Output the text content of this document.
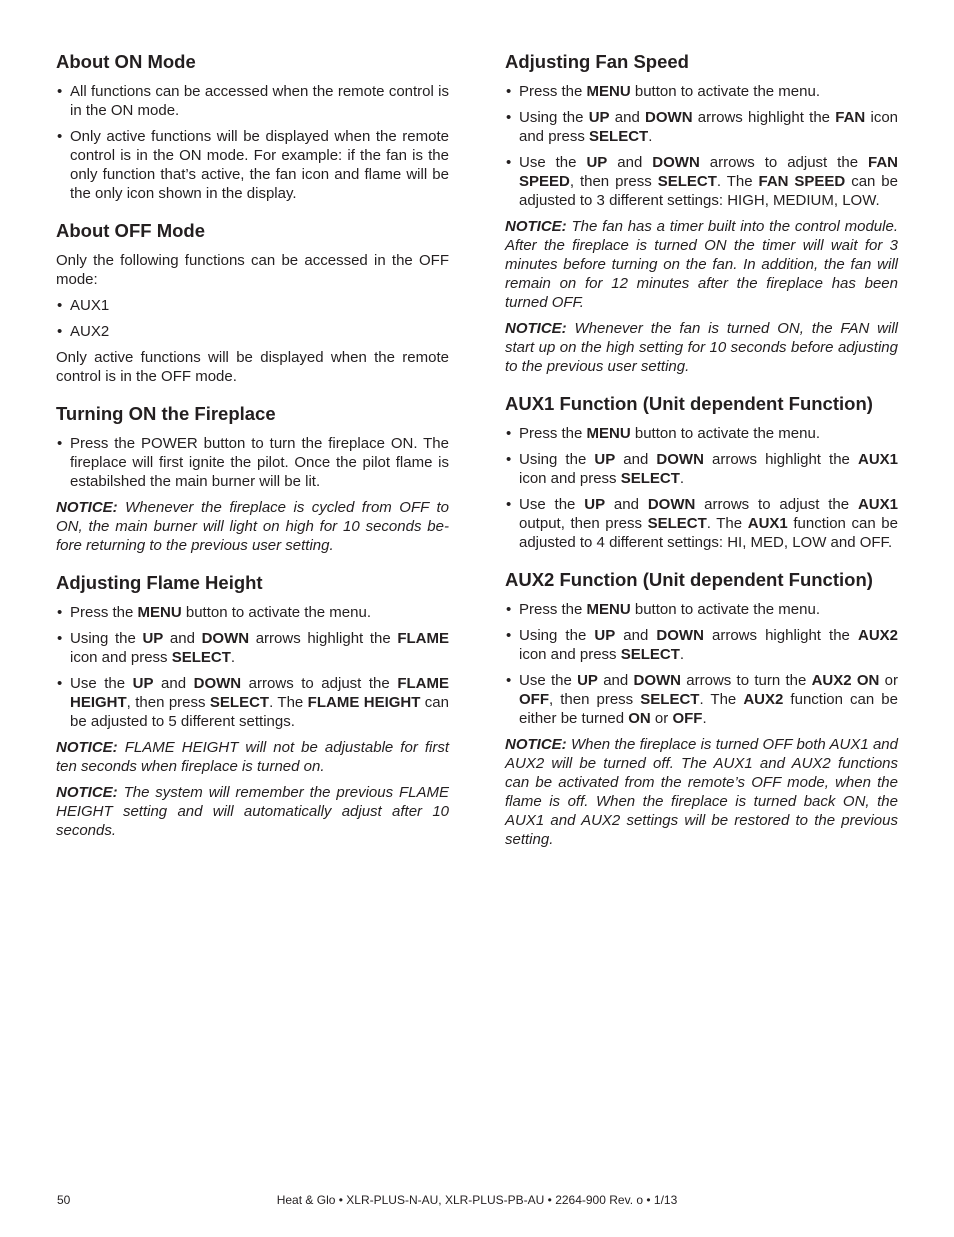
About ON Mode
• All functions can be accessed when the remote control is in the ON mode.
• Only active functions will be displayed when the remote control is in the ON mode. For example: if the fan is the only function that’s active, the fan icon and flame will be the only icon shown in the display.
About OFF Mode

Only the following functions can be accessed in the OFF mode:

• AUX1
• AUX2

Only active functions will be displayed when the remote control is in the OFF mode.

Turning ON the Fireplace
• Press the POWER button to turn the fireplace ON. The fireplace will first ignite the pilot. Once the pilot flame is estabilshed the main burner will be lit.

NOTICE: Whenever the fireplace is cycled from OFF to ON, the main burner will light on high for 10 seconds be-fore returning to the previous user setting.

Adjusting Flame Height
• Press the MENU button to activate the menu.
• Using the UP and DOWN arrows highlight the FLAME icon and press SELECT.
• Use the UP and DOWN arrows to adjust the FLAME HEIGHT, then press SELECT. The FLAME HEIGHT can be adjusted to 5 different settings.

NOTICE: FLAME HEIGHT will not be adjustable for first ten seconds when fireplace is turned on.

NOTICE: The system will remember the previous FLAME HEIGHT setting and will automatically adjust after 10 seconds.

Adjusting Fan Speed
• Press the MENU button to activate the menu.
• Using the UP and DOWN arrows highlight the FAN icon and press SELECT.
• Use the UP and DOWN arrows to adjust the FAN SPEED, then press SELECT. The FAN SPEED can be adjusted to 3 different settings: HIGH, MEDIUM, LOW.

NOTICE: The fan has a timer built into the control module. After the fireplace is turned ON the timer will wait for 3 minutes before turning on the fan. In addition, the fan will remain on for 12 minutes after the fireplace has been turned OFF.

NOTICE: Whenever the fan is turned ON, the FAN will start up on the high setting for 10 seconds before adjusting to the previous user setting.

AUX1 Function (Unit dependent Function)
• Press the MENU button to activate the menu.
• Using the UP and DOWN arrows highlight the AUX1 icon and press SELECT.
• Use the UP and DOWN arrows to adjust the AUX1 output, then press SELECT. The AUX1 function can be adjusted to 4 different settings: HI, MED, LOW and OFF.
AUX2 Function (Unit dependent Function)
• Press the MENU button to activate the menu.
• Using the UP and DOWN arrows highlight the AUX2 icon and press SELECT.
• Use the UP and DOWN arrows to turn the AUX2 ON or OFF, then press SELECT. The AUX2 function can be either be turned ON or OFF.

NOTICE: When the fireplace is turned OFF both AUX1 and AUX2 will be turned off. The AUX1 and AUX2 functions can be activated from the remote’s OFF mode, when the flame is off. When the fireplace is turned back ON, the AUX1 and AUX2 settings will be restored to the previous setting.

50	Heat & Glo • XLR-PLUS-N-AU, XLR-PLUS-PB-AU • 2264-900 Rev. o • 1/13
